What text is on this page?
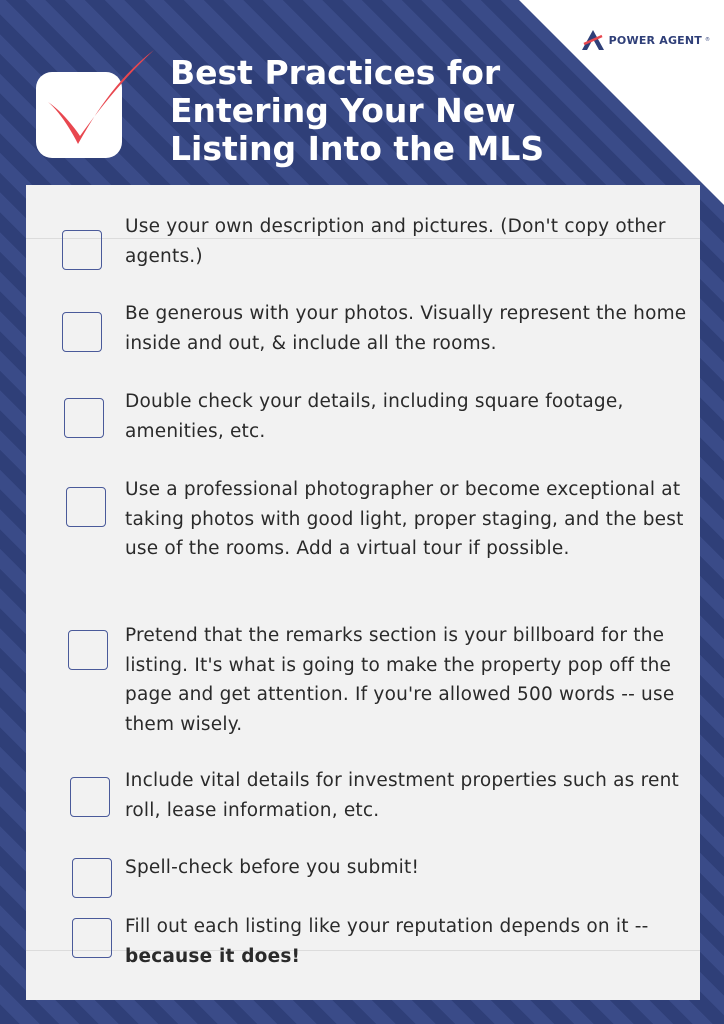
POWER AGENT ®
Best Practices for Entering Your New Listing Into the MLS

Use your own description and pictures. (Don't copy other agents.)

Be generous with your photos. Visually represent the home inside and out, & include all the rooms.

Double check your details, including square footage, amenities, etc.

Use a professional photographer or become exceptional at taking photos with good light, proper staging, and the best use of the rooms. Add a virtual tour if possible.

Pretend that the remarks section is your billboard for the listing. It's what is going to make the property pop off the page and get attention. If you're allowed 500 words -- use them wisely.

Include vital details for investment properties such as rent roll, lease information, etc.

Spell-check before you submit!

Fill out each listing like your reputation depends on it -- because it does!
